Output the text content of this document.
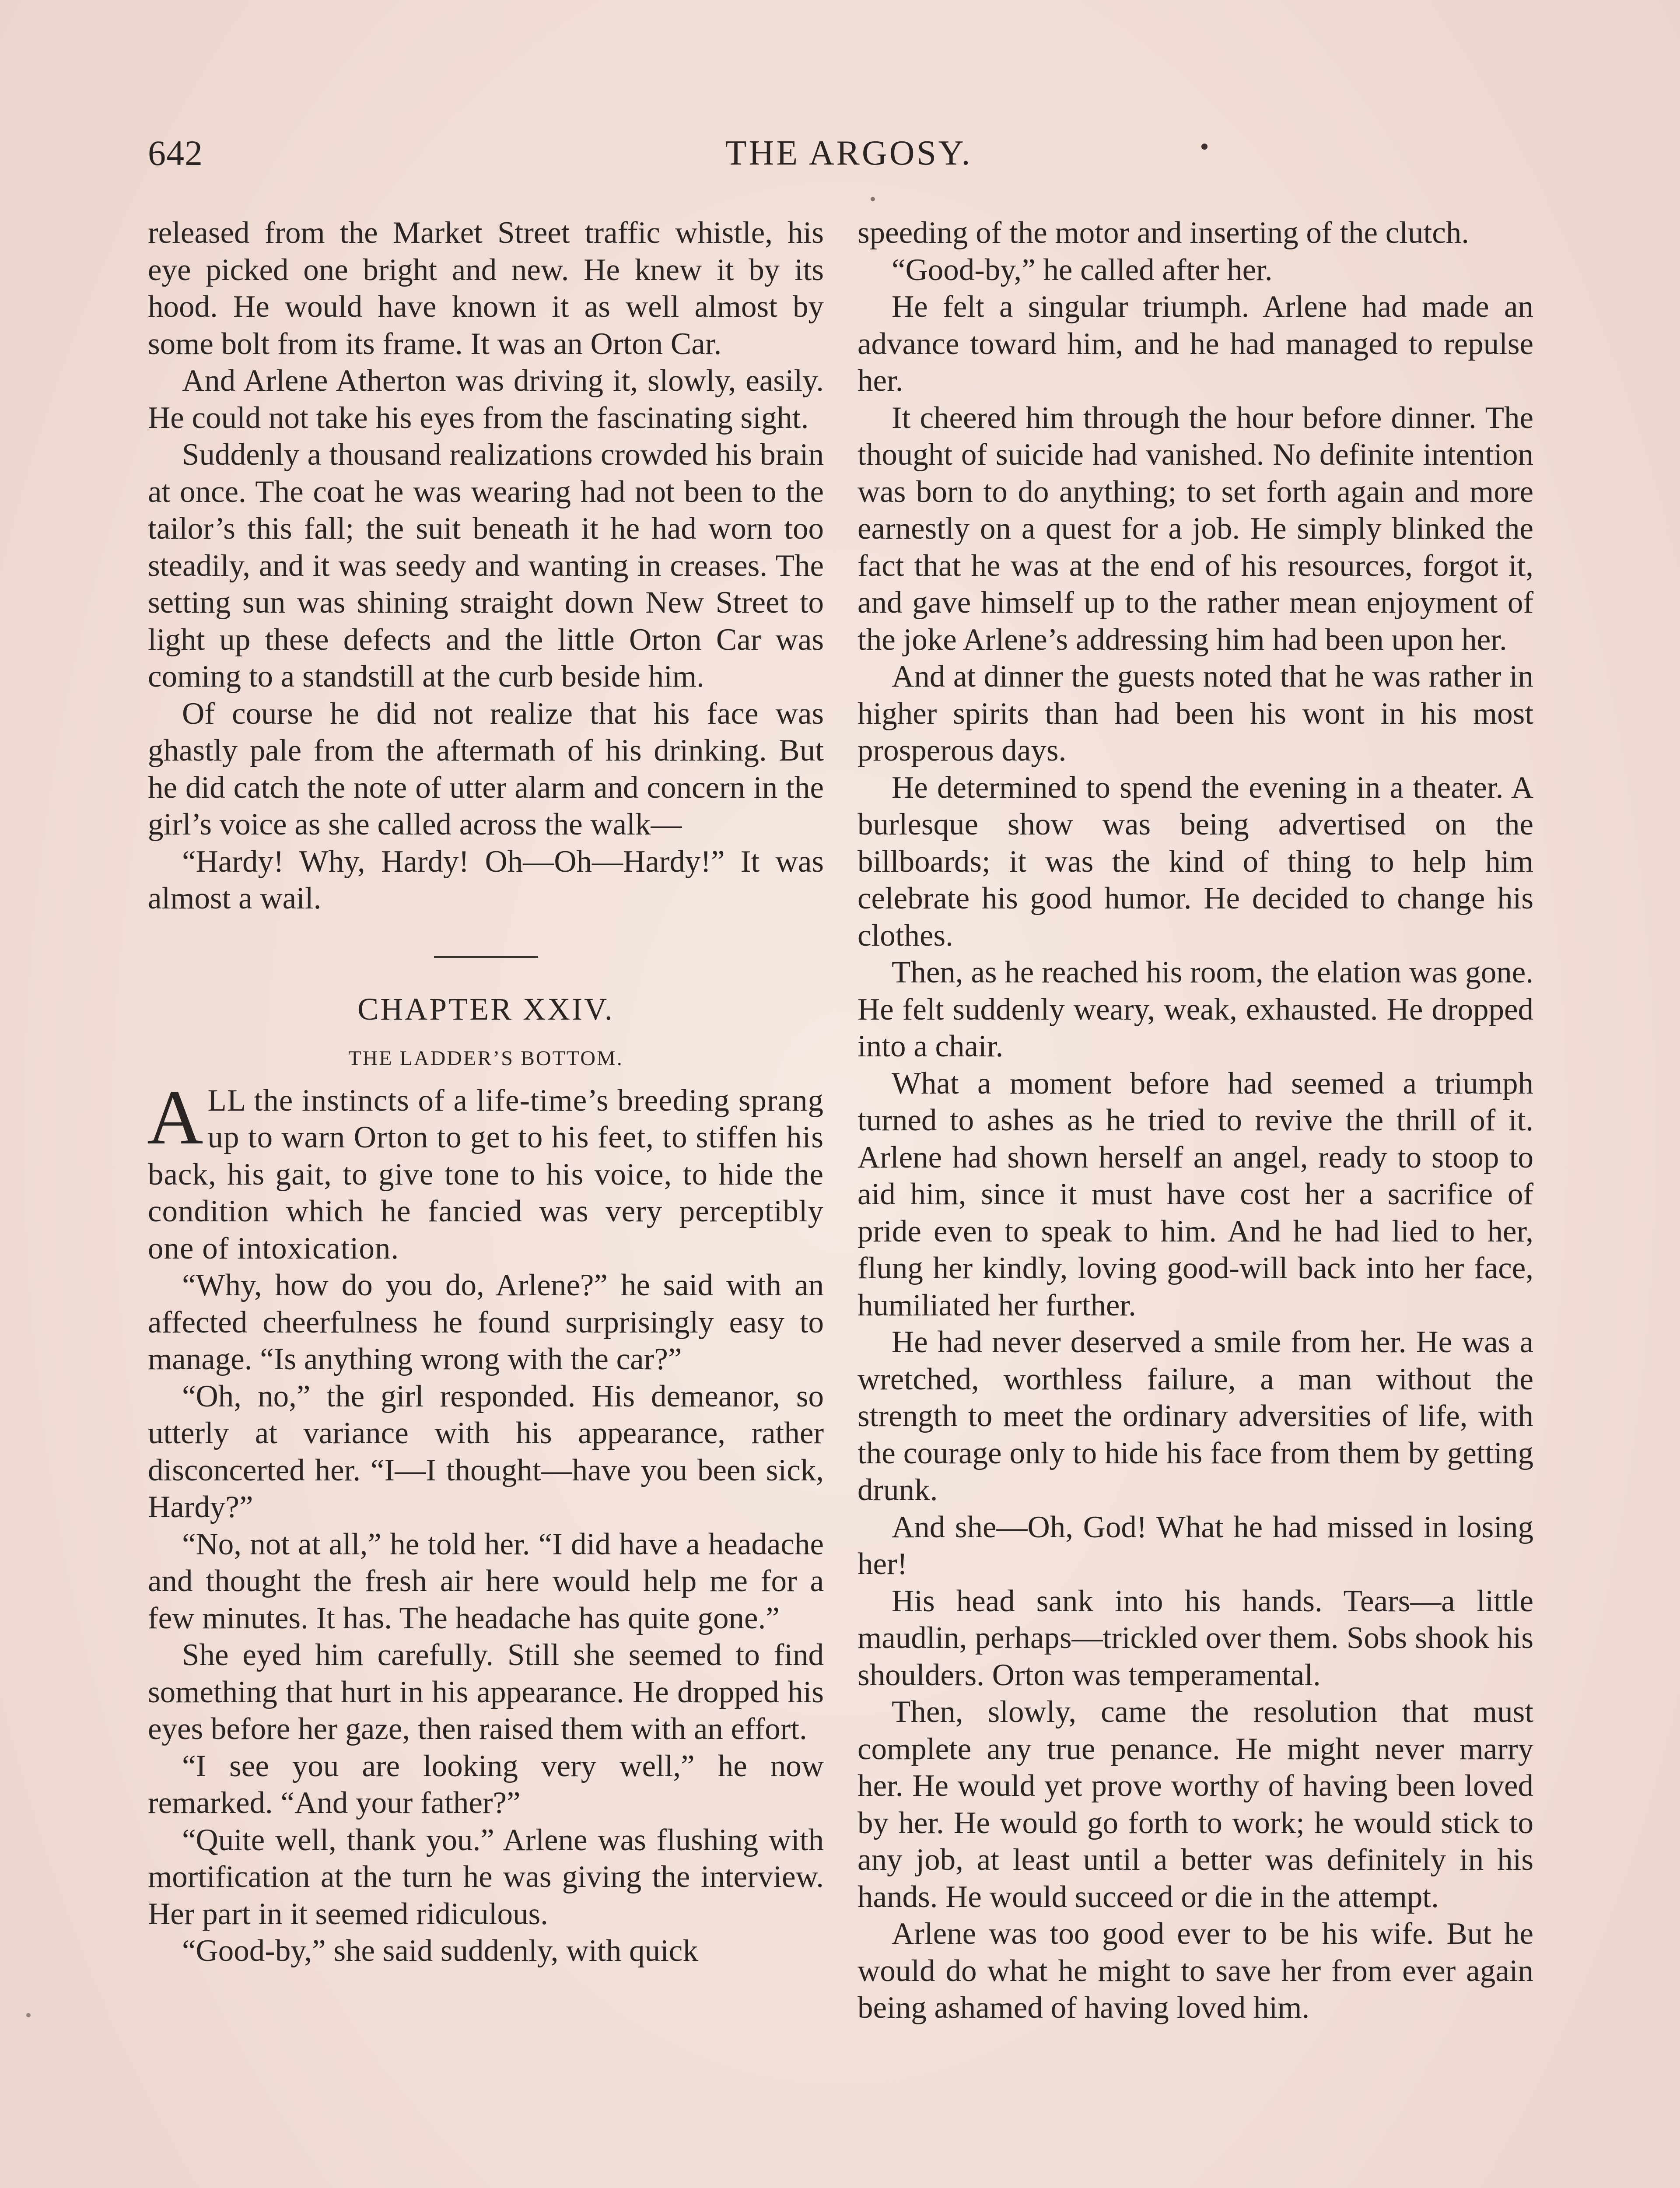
642	THE ARGOSY.

released from the Market Street traffic whistle, his eye picked one bright and new. He knew it by its hood. He would have known it as well almost by some bolt from its frame. It was an Orton Car.

And Arlene Atherton was driving it, slowly, easily. He could not take his eyes from the fascinating sight.

Suddenly a thousand realizations crowded his brain at once. The coat he was wearing had not been to the tailor’s this fall; the suit beneath it he had worn too steadily, and it was seedy and wanting in creases. The setting sun was shining straight down New Street to light up these defects and the little Orton Car was coming to a standstill at the curb beside him.

Of course he did not realize that his face was ghastly pale from the aftermath of his drinking. But he did catch the note of utter alarm and concern in the girl’s voice as she called across the walk—

“Hardy! Why, Hardy! Oh—Oh—Hardy!” It was almost a wail.

CHAPTER XXIV.
THE LADDER’S BOTTOM.

ALL the instincts of a life-time’s breeding sprang up to warn Orton to get to his feet, to stiffen his back, his gait, to give tone to his voice, to hide the condition which he fancied was very perceptibly one of intoxication.

“Why, how do you do, Arlene?” he said with an affected cheerfulness he found surprisingly easy to manage. “Is anything wrong with the car?”

“Oh, no,” the girl responded. His demeanor, so utterly at variance with his appearance, rather disconcerted her. “I—I thought—have you been sick, Hardy?”

“No, not at all,” he told her. “I did have a headache and thought the fresh air here would help me for a few minutes. It has. The headache has quite gone.”

She eyed him carefully. Still she seemed to find something that hurt in his appearance. He dropped his eyes before her gaze, then raised them with an effort.

“I see you are looking very well,” he now remarked. “And your father?”

“Quite well, thank you.” Arlene was flushing with mortification at the turn he was giving the interview. Her part in it seemed ridiculous.

“Good-by,” she said suddenly, with quick

speeding of the motor and inserting of the clutch.

“Good-by,” he called after her.

He felt a singular triumph. Arlene had made an advance toward him, and he had managed to repulse her.

It cheered him through the hour before dinner. The thought of suicide had vanished. No definite intention was born to do anything; to set forth again and more earnestly on a quest for a job. He simply blinked the fact that he was at the end of his resources, forgot it, and gave himself up to the rather mean enjoyment of the joke Arlene’s addressing him had been upon her.

And at dinner the guests noted that he was rather in higher spirits than had been his wont in his most prosperous days.

He determined to spend the evening in a theater. A burlesque show was being advertised on the billboards; it was the kind of thing to help him celebrate his good humor. He decided to change his clothes.

Then, as he reached his room, the elation was gone. He felt suddenly weary, weak, exhausted. He dropped into a chair.

What a moment before had seemed a triumph turned to ashes as he tried to revive the thrill of it. Arlene had shown herself an angel, ready to stoop to aid him, since it must have cost her a sacrifice of pride even to speak to him. And he had lied to her, flung her kindly, loving good-will back into her face, humiliated her further.

He had never deserved a smile from her. He was a wretched, worthless failure, a man without the strength to meet the ordinary adversities of life, with the courage only to hide his face from them by getting drunk.

And she—Oh, God! What he had missed in losing her!

His head sank into his hands. Tears—a little maudlin, perhaps—trickled over them. Sobs shook his shoulders. Orton was temperamental.

Then, slowly, came the resolution that must complete any true penance. He might never marry her. He would yet prove worthy of having been loved by her. He would go forth to work; he would stick to any job, at least until a better was definitely in his hands. He would succeed or die in the attempt.

Arlene was too good ever to be his wife. But he would do what he might to save her from ever again being ashamed of having loved him.
